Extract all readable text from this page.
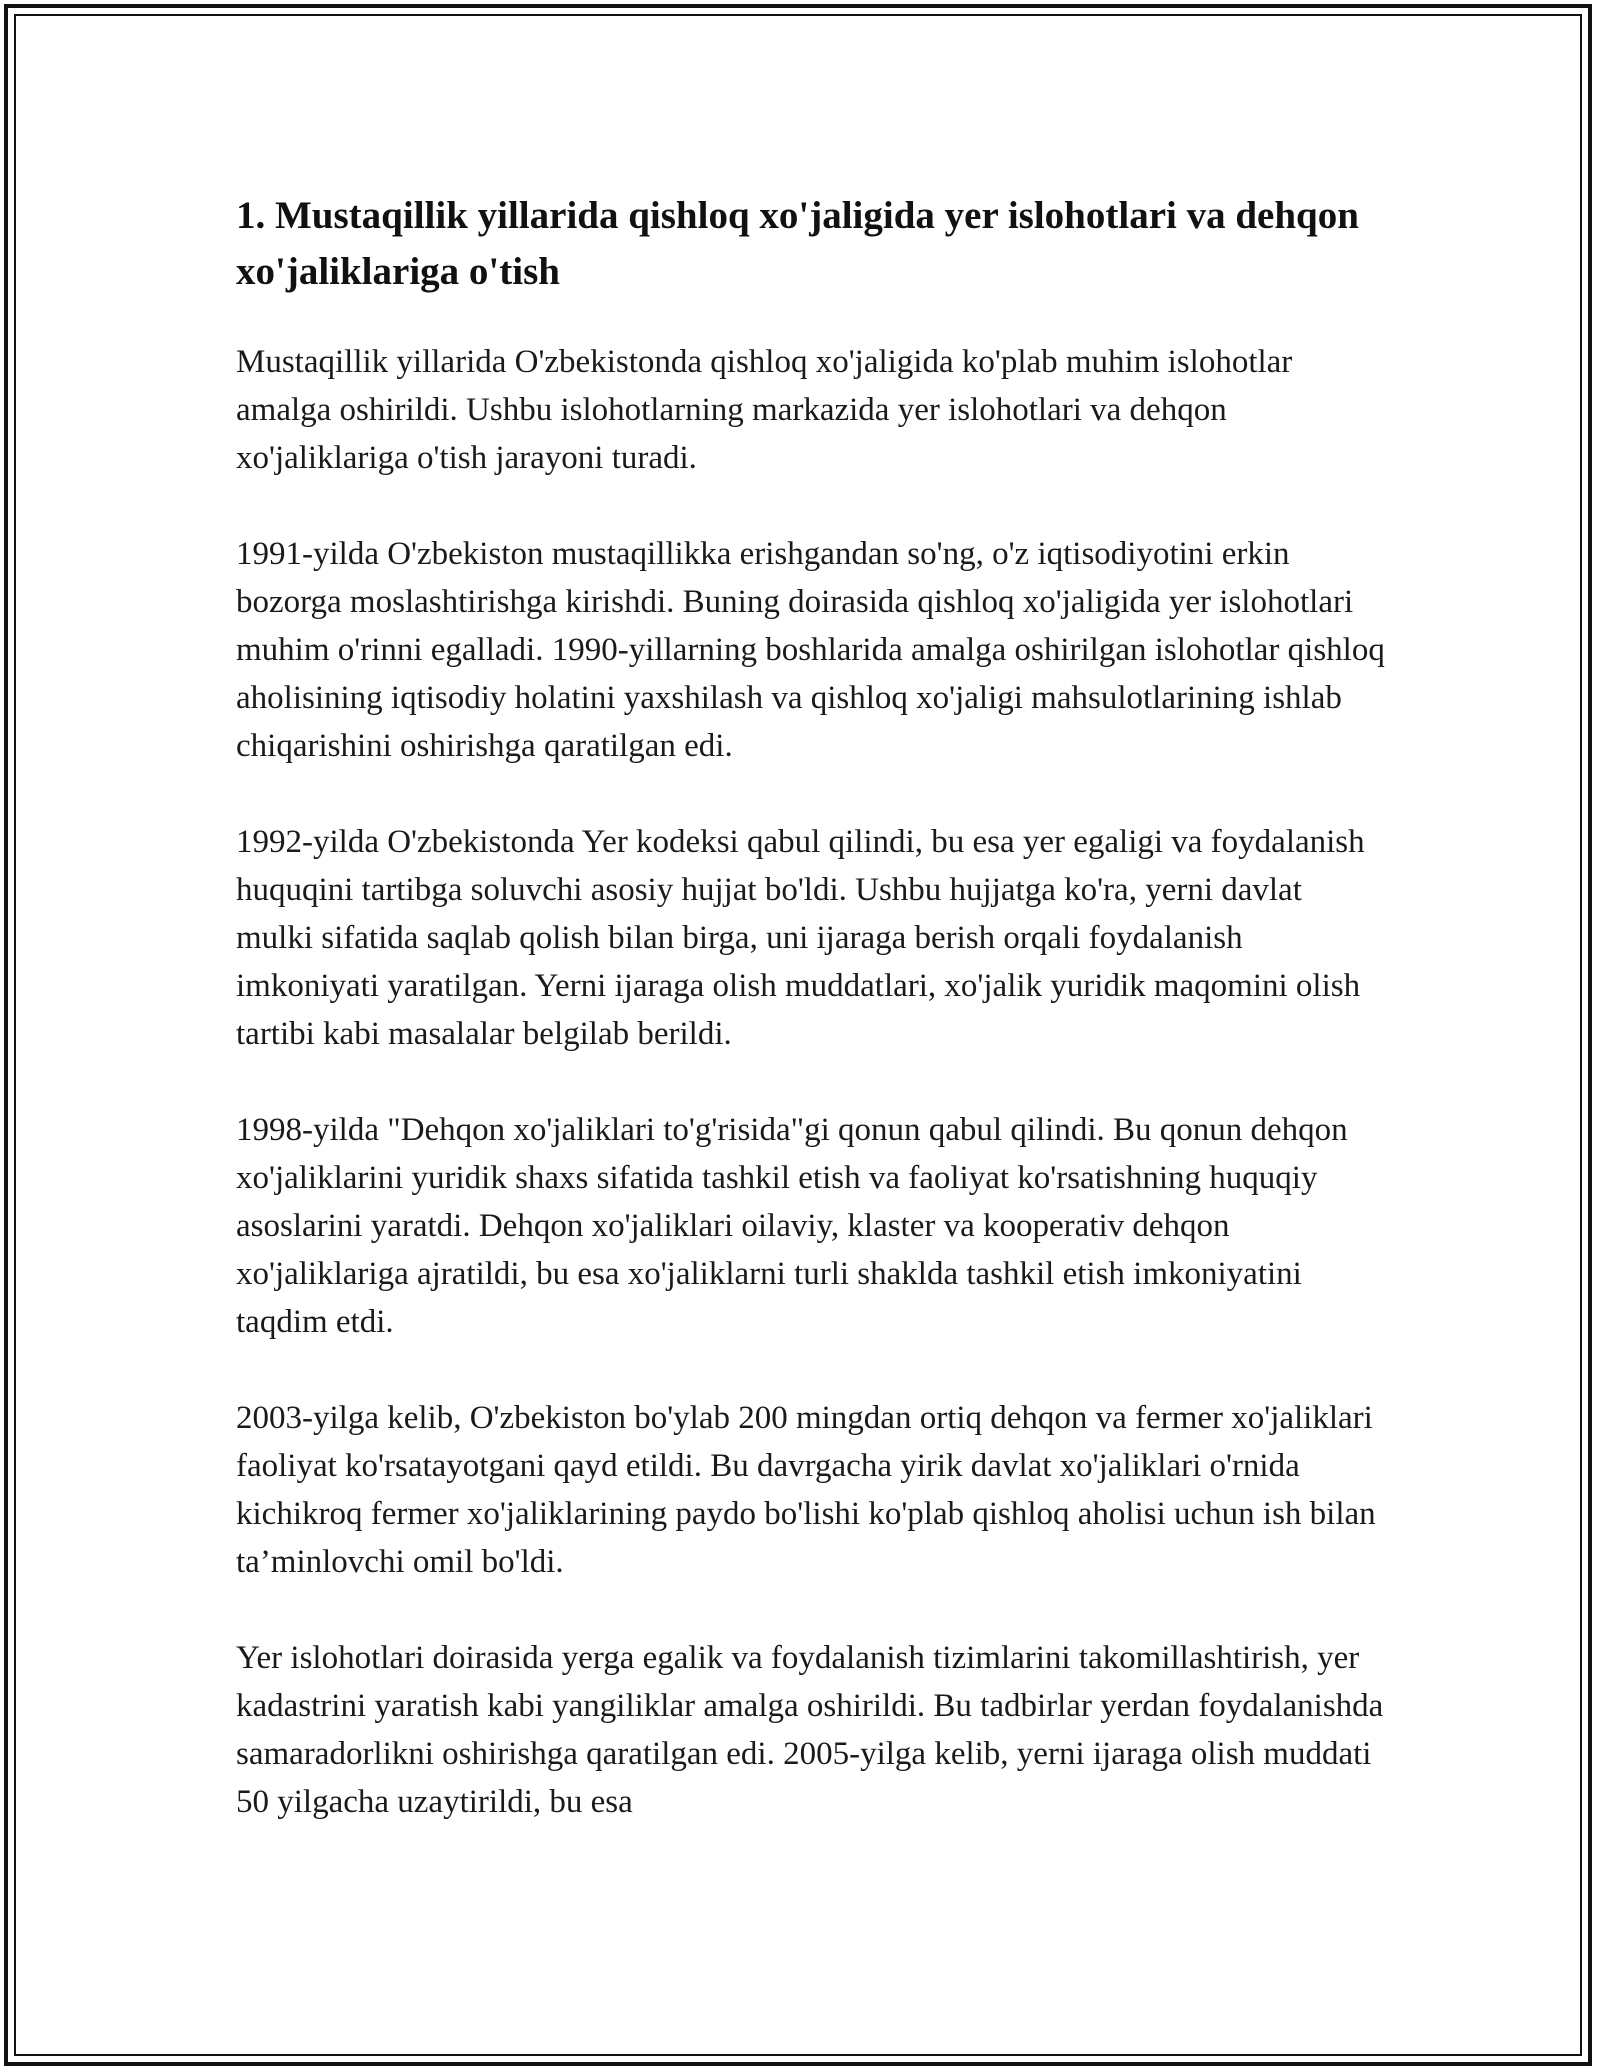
1. Mustaqillik yillarida qishloq xo'jaligida yer islohotlari va dehqon xo'jaliklariga o'tish

Mustaqillik yillarida O'zbekistonda qishloq xo'jaligida ko'plab muhim islohotlar amalga oshirildi. Ushbu islohotlarning markazida yer islohotlari va dehqon xo'jaliklariga o'tish jarayoni turadi.

1991-yilda O'zbekiston mustaqillikka erishgandan so'ng, o'z iqtisodiyotini erkin bozorga moslashtirishga kirishdi. Buning doirasida qishloq xo'jaligida yer islohotlari muhim o'rinni egalladi. 1990-yillarning boshlarida amalga oshirilgan islohotlar qishloq aholisining iqtisodiy holatini yaxshilash va qishloq xo'jaligi mahsulotlarining ishlab chiqarishini oshirishga qaratilgan edi.

1992-yilda O'zbekistonda Yer kodeksi qabul qilindi, bu esa yer egaligi va foydalanish huquqini tartibga soluvchi asosiy hujjat bo'ldi. Ushbu hujjatga ko'ra, yerni davlat mulki sifatida saqlab qolish bilan birga, uni ijaraga berish orqali foydalanish imkoniyati yaratilgan. Yerni ijaraga olish muddatlari, xo'jalik yuridik maqomini olish tartibi kabi masalalar belgilab berildi.

1998-yilda "Dehqon xo'jaliklari to'g'risida"gi qonun qabul qilindi. Bu qonun dehqon xo'jaliklarini yuridik shaxs sifatida tashkil etish va faoliyat ko'rsatishning huquqiy asoslarini yaratdi. Dehqon xo'jaliklari oilaviy, klaster va kooperativ dehqon xo'jaliklariga ajratildi, bu esa xo'jaliklarni turli shaklda tashkil etish imkoniyatini taqdim etdi.

2003-yilga kelib, O'zbekiston bo'ylab 200 mingdan ortiq dehqon va fermer xo'jaliklari faoliyat ko'rsatayotgani qayd etildi. Bu davrgacha yirik davlat xo'jaliklari o'rnida kichikroq fermer xo'jaliklarining paydo bo'lishi ko'plab qishloq aholisi uchun ish bilan ta’minlovchi omil bo'ldi.

Yer islohotlari doirasida yerga egalik va foydalanish tizimlarini takomillashtirish, yer kadastrini yaratish kabi yangiliklar amalga oshirildi. Bu tadbirlar yerdan foydalanishda samaradorlikni oshirishga qaratilgan edi. 2005-yilga kelib, yerni ijaraga olish muddati 50 yilgacha uzaytirildi, bu esa
